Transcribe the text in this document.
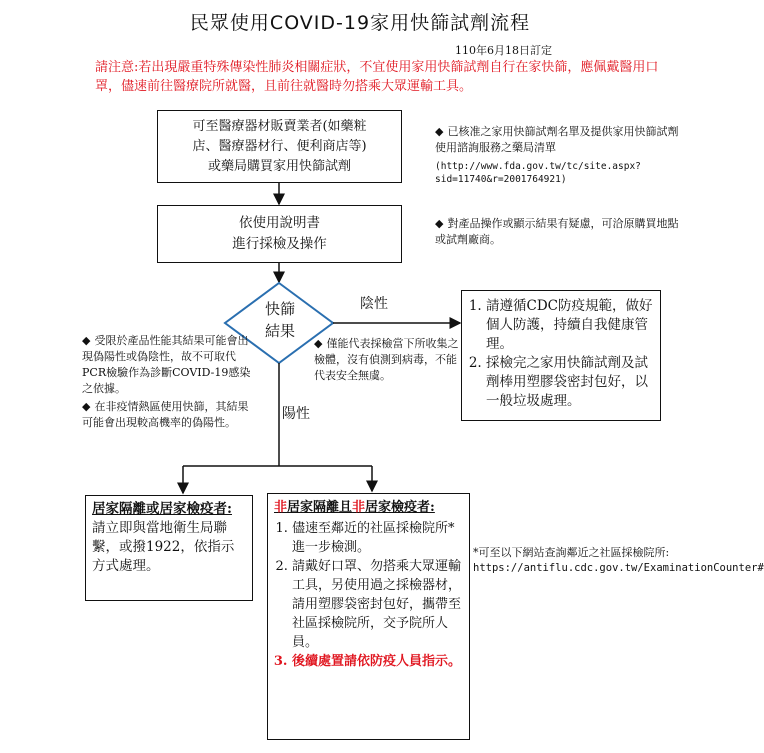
民眾使用COVID-19家用快篩試劑流程
110年6月18日訂定
請注意:若出現嚴重特殊傳染性肺炎相關症狀，不宜使用家用快篩試劑自行在家快篩，應佩戴醫用口罩，儘速前往醫療院所就醫，且前往就醫時勿搭乘大眾運輸工具。
可至醫療器材販賣業者(如藥粧
店、醫療器材行、便利商店等)
或藥局購買家用快篩試劑
依使用說明書
進行採檢及操作
◆ 已核准之家用快篩試劑名單及提供家用快篩試劑使用諮詢服務之藥局清單
(http://www.fda.gov.tw/tc/site.aspx?sid=11740&r=2001764921)
◆ 對產品操作或顯示結果有疑慮，可洽原購買地點或試劑廠商。
快篩
結果
陰性
陽性
1. 請遵循CDC防疫規範，做好個人防護，持續自我健康管理。
2. 採檢完之家用快篩試劑及試劑棒用塑膠袋密封包好，以一般垃圾處理。
◆ 受限於產品性能其結果可能會出現偽陽性或偽陰性，故不可取代PCR檢驗作為診斷COVID-19感染之依據。
◆ 在非疫情熱區使用快篩，其結果可能會出現較高機率的偽陽性。
◆ 僅能代表採檢當下所收集之檢體，沒有偵測到病毒，不能代表安全無虞。
居家隔離或居家檢疫者:
請立即與當地衛生局聯繫，或撥1922，依指示方式處理。
非居家隔離且非居家檢疫者:
1. 儘速至鄰近的社區採檢院所*進一步檢測。
2. 請戴好口罩、勿搭乘大眾運輸工具，另使用過之採檢器材，請用塑膠袋密封包好，攜帶至社區採檢院所，交予院所人員。
3. 後續處置請依防疫人員指示。
*可至以下網站查詢鄰近之社區採檢院所:
https://antiflu.cdc.gov.tw/ExaminationCounter#
